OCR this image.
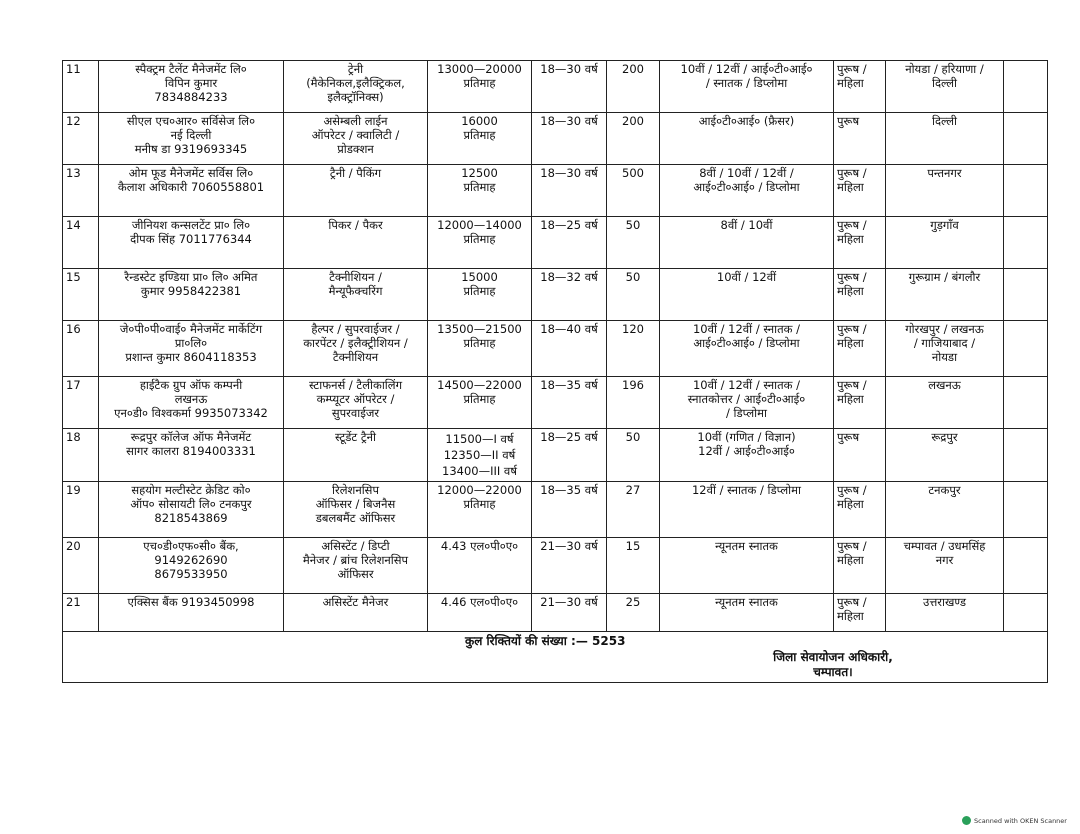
11	स्पैक्ट्रम टैलेंट मैनेजमेंट लि०
विपिन कुमार
7834884233	ट्रेनी
(मैकेनिकल,इलैक्ट्रिकल,
इलैक्ट्रॉनिक्स)	13000—20000
प्रतिमाह	18—30 वर्ष	200	10वीं / 12वीं / आई०टी०आई०
/ स्नातक / डिप्लोमा	पुरूष /
महिला	नोयडा / हरियाणा /
दिल्ली	

12	सीएल एच०आर० सर्विसेज लि०
नई दिल्ली
मनीष डा 9319693345	असेम्बली लाईन
ऑपरेटर / क्वालिटी /
प्रोडक्शन	16000
प्रतिमाह	18—30 वर्ष	200	आई०टी०आई० (फ्रैसर)	पुरूष	दिल्ली	

13	ओम फूड मैनेजमेंट सर्विस लि०
कैलाश अधिकारी 7060558801	ट्रैनी / पैकिंग	12500
प्रतिमाह	18—30 वर्ष	500	8वीं / 10वीं / 12वीं /
आई०टी०आई० / डिप्लोमा	पुरूष /
महिला	पन्तनगर	

14	जीनियश कन्सलटेंट प्रा० लि०
दीपक सिंह 7011776344	पिकर / पैकर	12000—14000
प्रतिमाह	18—25 वर्ष	50	8वीं / 10वीं	पुरूष /
महिला	गुड़गाँव	

15	रैन्डस्टेट इण्डिया प्रा० लि० अमित
कुमार 9958422381	टैक्नीशियन /
मैन्यूफैक्चरिंग	15000
प्रतिमाह	18—32 वर्ष	50	10वीं / 12वीं	पुरूष /
महिला	गुरूग्राम / बंगलौर	

16	जे०पी०पी०वाई० मैनेजमेंट मार्केटिंग
प्रा०लि०
प्रशान्त कुमार 8604118353	हैल्पर / सुपरवाईजर /
कारपेंटर / इलैक्ट्रीशियन /
टैक्नीशियन	13500—21500
प्रतिमाह	18—40 वर्ष	120	10वीं / 12वीं / स्नातक /
आई०टी०आई० / डिप्लोमा	पुरूष /
महिला	गोरखपुर / लखनऊ
/ गाजियाबाद /
नोयडा	

17	हाईटैक ग्रुप ऑफ कम्पनी
लखनऊ
एन०डी० विश्वकर्मा 9935073342	स्टाफनर्स / टैलीकालिंग
कम्प्यूटर ऑपरेटर /
सुपरवाईजर	14500—22000
प्रतिमाह	18—35 वर्ष	196	10वीं / 12वीं / स्नातक /
स्नातकोत्तर / आई०टी०आई०
/ डिप्लोमा	पुरूष /
महिला	लखनऊ	

18	रूद्रपुर कॉलेज ऑफ मैनेजमेंट
सागर कालरा 8194003331	स्टूडेंट ट्रैनी	11500—I वर्ष
12350—II वर्ष
13400—III वर्ष	18—25 वर्ष	50	10वीं (गणित / विज्ञान)
12वीं / आई०टी०आई०	पुरूष	रूद्रपुर	

19	सहयोग मल्टीस्टेट क्रेडिट को०
ऑप० सोसायटी लि० टनकपुर
8218543869	रिलेशनसिप
ऑफिसर / बिजनैस
डबलबमैंट ऑफिसर	12000—22000
प्रतिमाह	18—35 वर्ष	27	12वीं / स्नातक / डिप्लोमा	पुरूष /
महिला	टनकपुर	

20	एच०डी०एफ०सी० बैंक,
9149262690
8679533950	असिस्टेंट / डिप्टी
मैनेजर / ब्रांच रिलेशनसिप
ऑफिसर	4.43 एल०पी०ए०	21—30 वर्ष	15	न्यूनतम स्नातक	पुरूष /
महिला	चम्पावत / उधमसिंह
नगर	

21	एक्सिस बैंक 9193450998	असिस्टेंट मैनेजर	4.46 एल०पी०ए०	21—30 वर्ष	25	न्यूनतम स्नातक	पुरूष /
महिला	उत्तराखण्ड	

कुल रिक्तियों की संख्या :— 5253
जिला सेवायोजन अधिकारी,
चम्पावत।									
Scanned with OKEN Scanner
